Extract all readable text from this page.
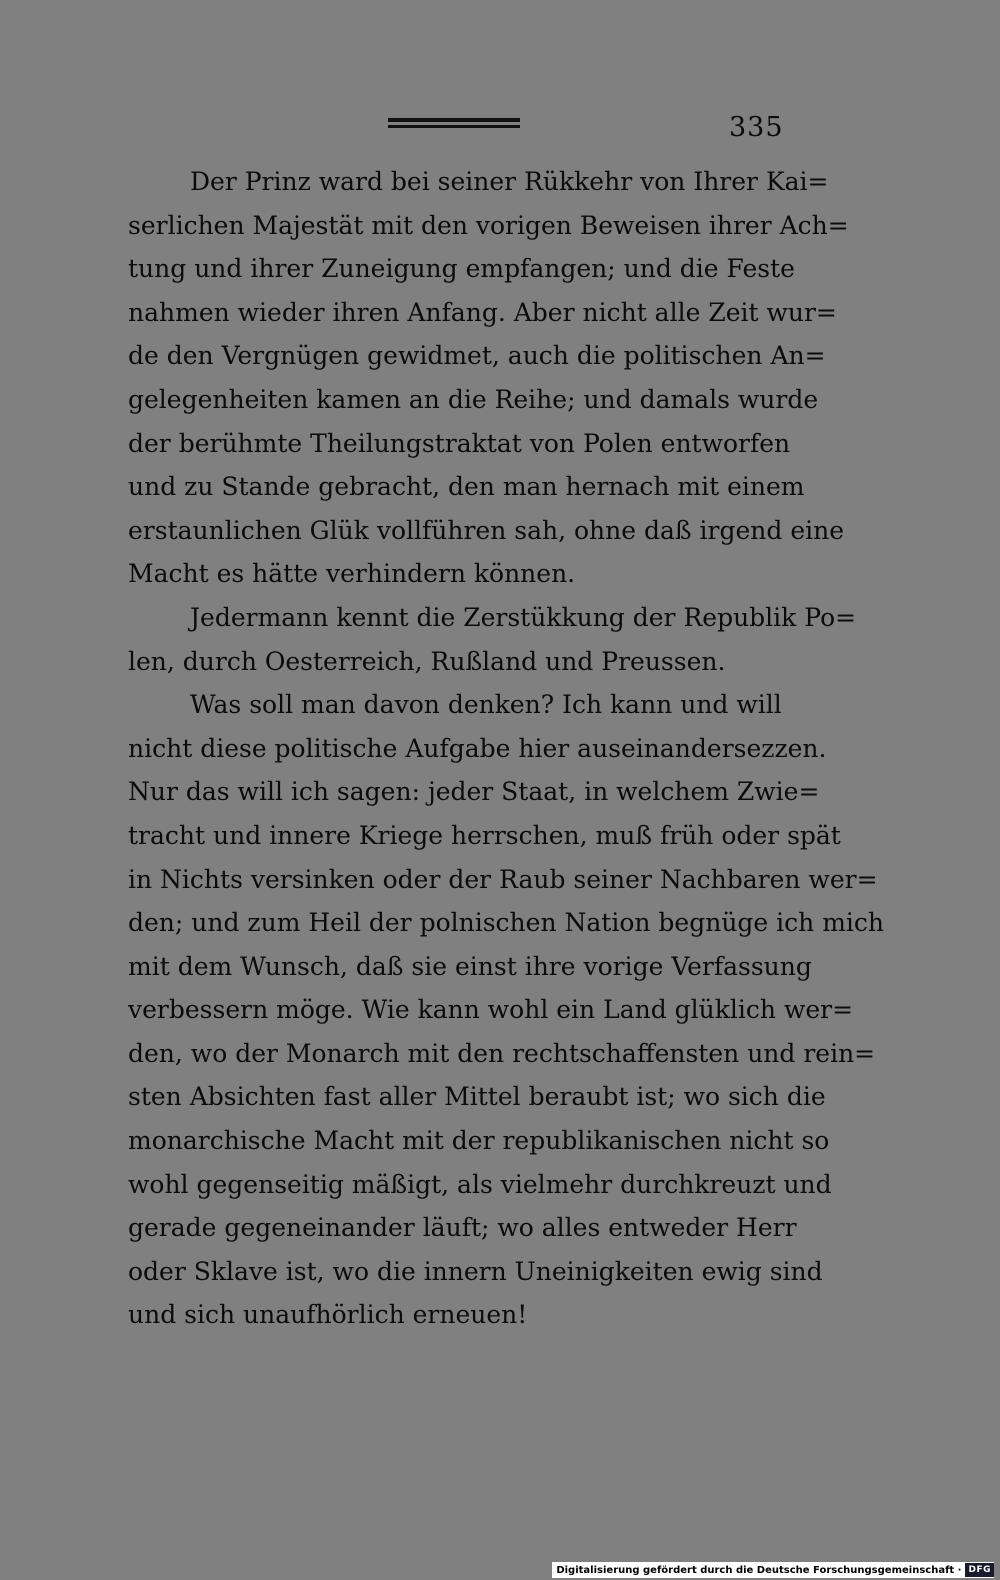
335
Der Prinz ward bei seiner Rükkehr von Ihrer Kai=
serlichen Majestät mit den vorigen Beweisen ihrer Ach=
tung und ihrer Zuneigung empfangen; und die Feste
nahmen wieder ihren Anfang. Aber nicht alle Zeit wur=
de den Vergnügen gewidmet, auch die politischen An=
gelegenheiten kamen an die Reihe; und damals wurde
der berühmte Theilungstraktat von Polen entworfen
und zu Stande gebracht, den man hernach mit einem
erstaunlichen Glük vollführen sah, ohne daß irgend eine
Macht es hätte verhindern können.
Jedermann kennt die Zerstükkung der Republik Po=
len, durch Oesterreich, Rußland und Preussen.
Was soll man davon denken? Ich kann und will
nicht diese politische Aufgabe hier auseinandersezzen.
Nur das will ich sagen: jeder Staat, in welchem Zwie=
tracht und innere Kriege herrschen, muß früh oder spät
in Nichts versinken oder der Raub seiner Nachbaren wer=
den; und zum Heil der polnischen Nation begnüge ich mich
mit dem Wunsch, daß sie einst ihre vorige Verfassung
verbessern möge. Wie kann wohl ein Land glüklich wer=
den, wo der Monarch mit den rechtschaffensten und rein=
sten Absichten fast aller Mittel beraubt ist; wo sich die
monarchische Macht mit der republikanischen nicht so
wohl gegenseitig mäßigt, als vielmehr durchkreuzt und
gerade gegeneinander läuft; wo alles entweder Herr
oder Sklave ist, wo die innern Uneinigkeiten ewig sind
und sich unaufhörlich erneuen!
Digitalisierung gefördert durch die Deutsche Forschungsgemeinschaft · DFG
